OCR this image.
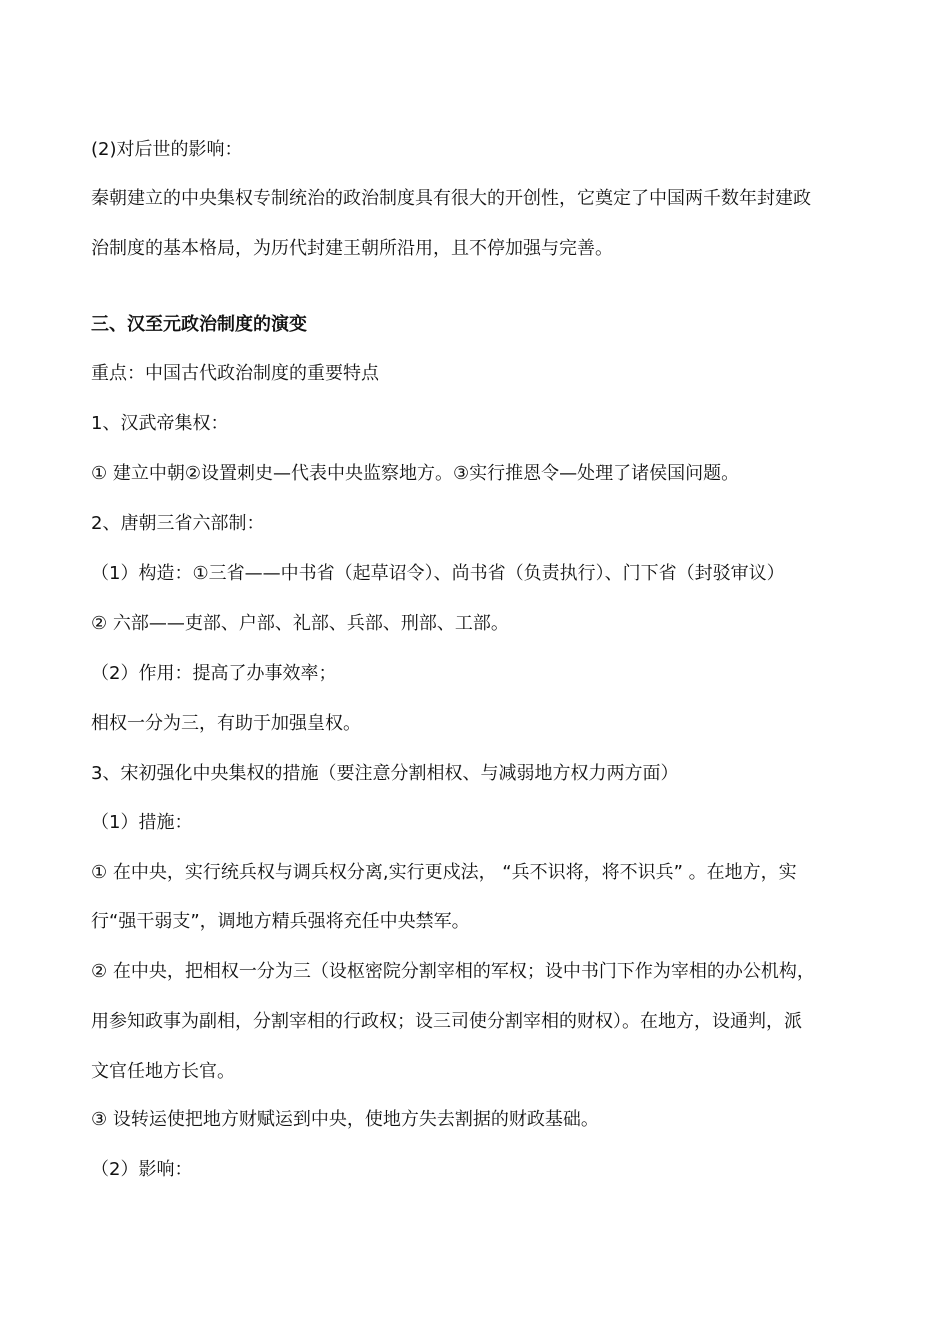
(2)对后世的影响：
秦朝建立的中央集权专制统治的政治制度具有很大的开创性，它奠定了中国两千数年封建政
治制度的基本格局，为历代封建王朝所沿用，且不停加强与完善。
三、汉至元政治制度的演变
重点：中国古代政治制度的重要特点
1、汉武帝集权：
① 建立中朝②设置刺史—代表中央监察地方。③实行推恩令—处理了诸侯国问题。
2、唐朝三省六部制：
（1）构造：①三省——中书省（起草诏令）、尚书省（负责执行）、门下省（封驳审议）
② 六部——吏部、户部、礼部、兵部、刑部、工部。
（2）作用：提高了办事效率；
相权一分为三，有助于加强皇权。
3、宋初强化中央集权的措施（要注意分割相权、与减弱地方权力两方面）
（1）措施：
① 在中央，实行统兵权与调兵权分离,实行更戍法， “兵不识将，将不识兵” 。在地方，实
行“强干弱支”，调地方精兵强将充任中央禁军。
② 在中央，把相权一分为三（设枢密院分割宰相的军权；设中书门下作为宰相的办公机构，
用参知政事为副相，分割宰相的行政权；设三司使分割宰相的财权）。在地方，设通判，派
文官任地方长官。
③ 设转运使把地方财赋运到中央，使地方失去割据的财政基础。
（2）影响：
